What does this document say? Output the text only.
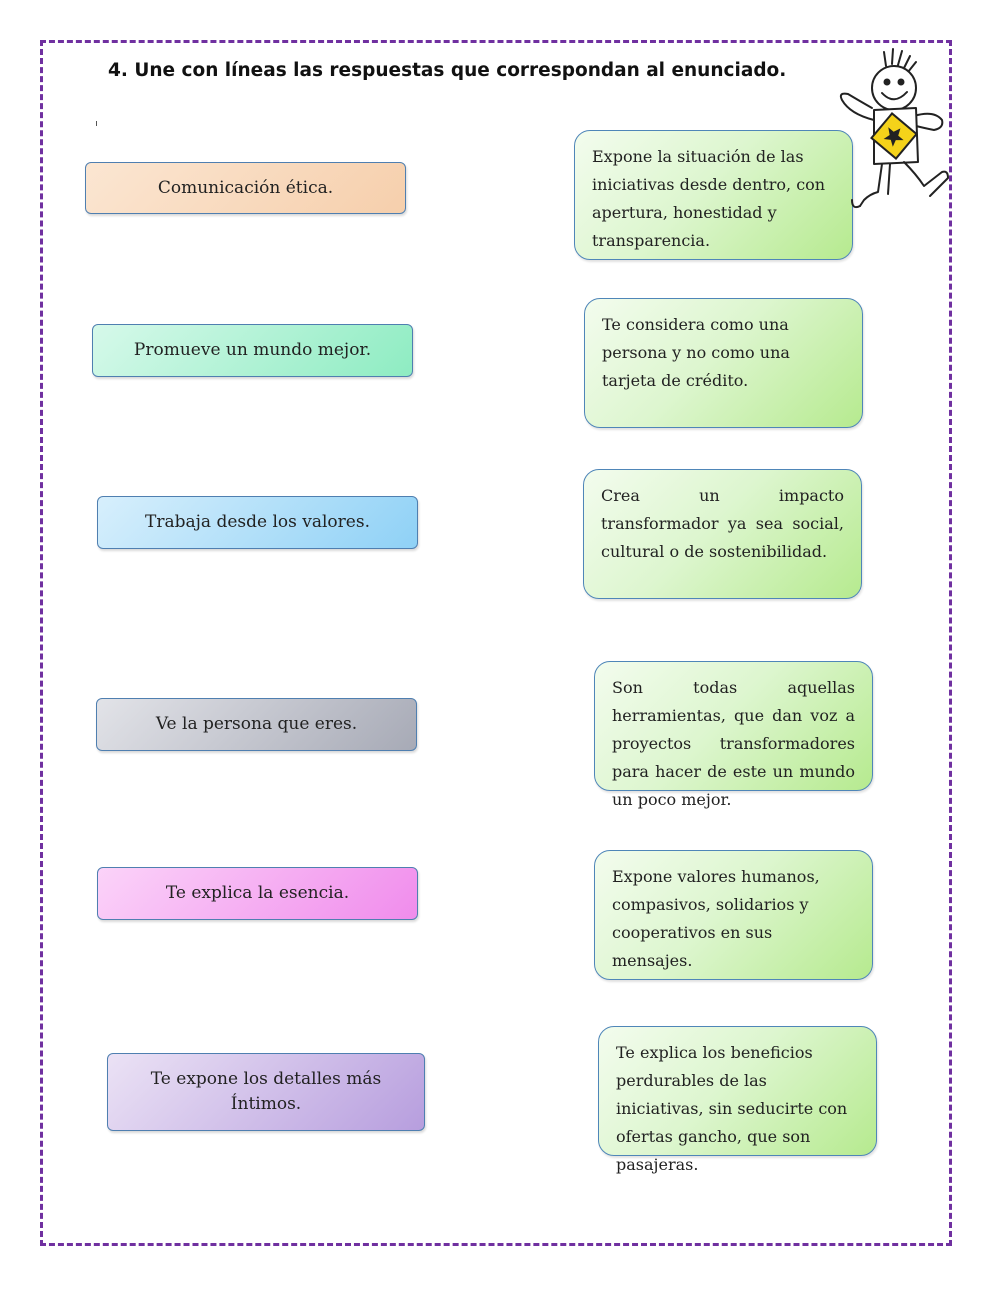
4. Une con líneas las respuestas que correspondan al enunciado.
Comunicación ética.
Promueve un mundo mejor.
Trabaja desde los valores.
Ve la persona que eres.
Te explica la esencia.
Te expone los detalles más Íntimos.
Expone la situación de las iniciativas desde dentro, con apertura, honestidad y transparencia.
Te considera como una persona y no como una tarjeta de crédito.
Crea un impacto transformador ya sea social, cultural o de sostenibilidad.
Son todas aquellas herramientas, que dan voz a proyectos transformadores para hacer de este un mundo un poco mejor.
Expone valores humanos, compasivos, solidarios y cooperativos en sus mensajes.
Te explica los beneficios perdurables de las iniciativas, sin seducirte con ofertas gancho, que son pasajeras.
